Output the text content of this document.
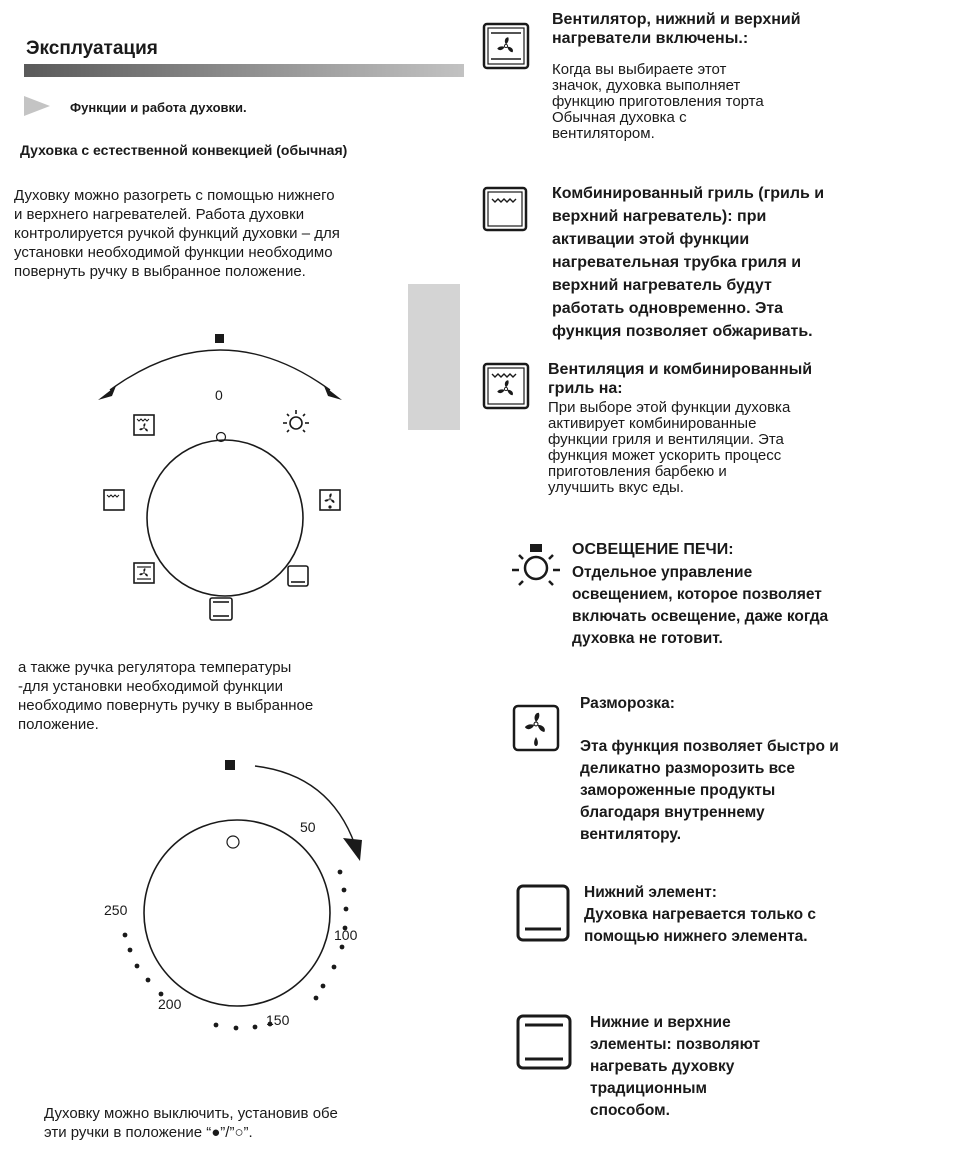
Эксплуатация
Функции и работа духовки.
Духовка с естественной конвекцией (обычная)
Духовку можно разогреть с помощью нижнего
и верхнего нагревателей. Работа духовки
контролируется ручкой функций духовки – для
установки необходимой функции необходимо
повернуть ручку в выбранное положение.
0
а также ручка регулятора температуры
-для установки необходимой функции
необходимо повернуть ручку в выбранное
положение.
50
100
150
200
250
Духовку можно выключить, установив обе
эти ручки в положение “●”/”○”.
Вентилятор, нижний и верхний
нагреватели включены.:
Когда вы выбираете этот
значок, духовка выполняет
функцию приготовления торта
Обычная духовка с
вентилятором.
Комбинированный гриль (гриль и
верхний нагреватель): при
активации этой функции
нагревательная трубка гриля и
верхний нагреватель будут
работать одновременно. Эта
функция позволяет обжаривать.
Вентиляция и комбинированный
гриль на:
При выборе этой функции духовка
активирует комбинированные
функции гриля и вентиляции. Эта
функция может ускорить процесс
приготовления барбекю и
улучшить вкус еды.
ОСВЕЩЕНИЕ ПЕЧИ:
Отдельное управление
освещением, которое позволяет
включать освещение, даже когда
духовка не готовит.
Разморозка:
Эта функция позволяет быстро и
деликатно разморозить все
замороженные продукты
благодаря внутреннему
вентилятору.
Нижний элемент:
Духовка нагревается только с
помощью нижнего элемента.
Нижние и верхние
элементы: позволяют
нагревать духовку
традиционным
способом.
